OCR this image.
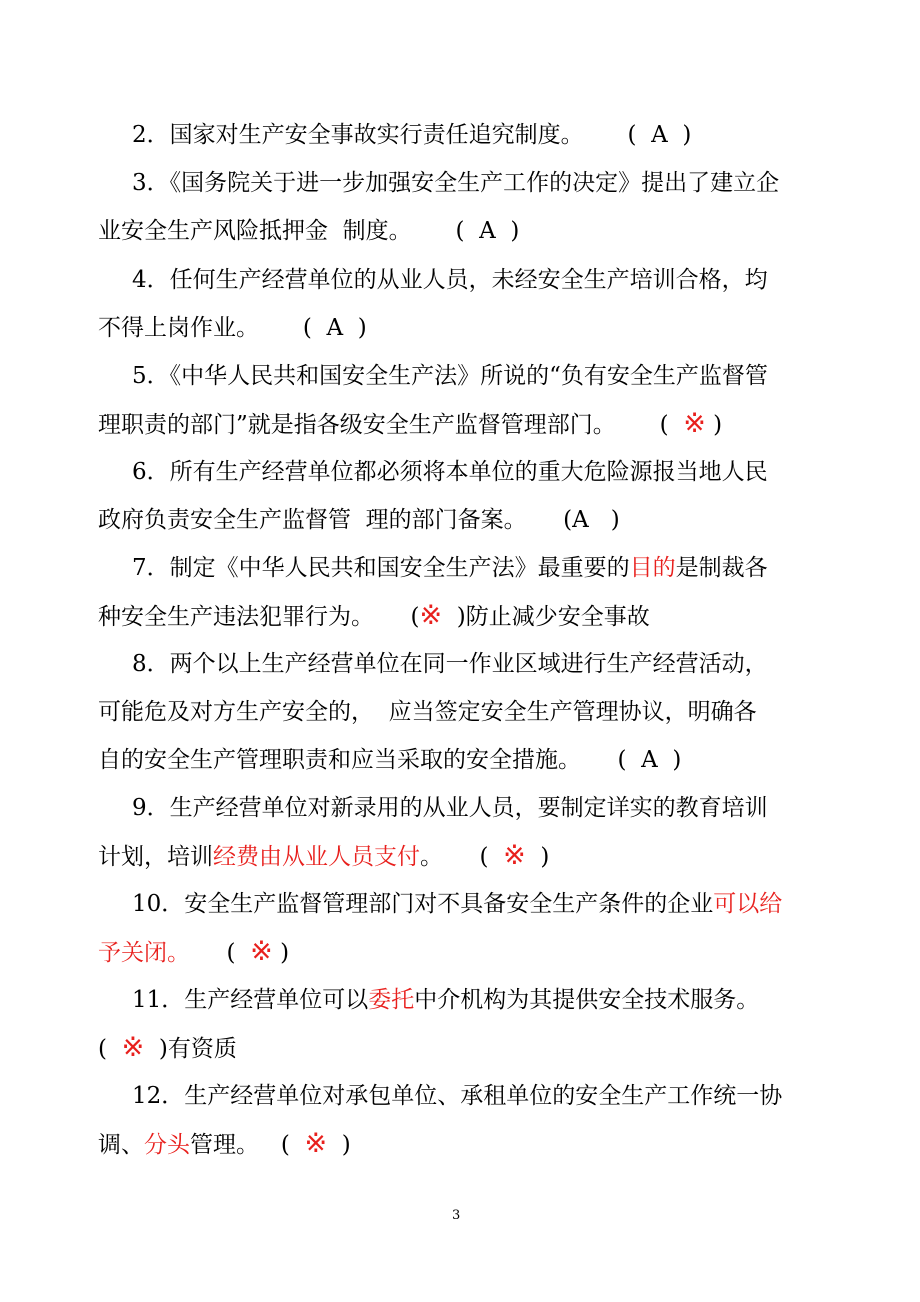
2．国家对生产安全事故实行责任追究制度。      (  A  )
3．《国务院关于进一步加强安全生产工作的决定》提出了建立企
业安全生产风险抵押金  制度。      (  A  )
4．任何生产经营单位的从业人员，未经安全生产培训合格，均
不得上岗作业。      (  A  )
5．《中华人民共和国安全生产法》所说的“负有安全生产监督管
理职责的部门”就是指各级安全生产监督管理部门。      (  ※ )
6．所有生产经营单位都必须将本单位的重大危险源报当地人民
政府负责安全生产监督管  理的部门备案。     (A   )
7．制定《中华人民共和国安全生产法》最重要的目的是制裁各
种安全生产违法犯罪行为。     (※  )防止减少安全事故
8．两个以上生产经营单位在同一作业区域进行生产经营活动，
可能危及对方生产安全的，  应当签定安全生产管理协议，明确各
自的安全生产管理职责和应当采取的安全措施。     (  A  )
9．生产经营单位对新录用的从业人员，要制定详实的教育培训
计划，培训经费由从业人员支付。     (  ※  )
10．安全生产监督管理部门对不具备安全生产条件的企业可以给
予关闭。     (  ※ )
11．生产经营单位可以委托中介机构为其提供安全技术服务。
(  ※  )有资质
12．生产经营单位对承包单位、承租单位的安全生产工作统一协
调、分头管理。   (  ※  )
3
